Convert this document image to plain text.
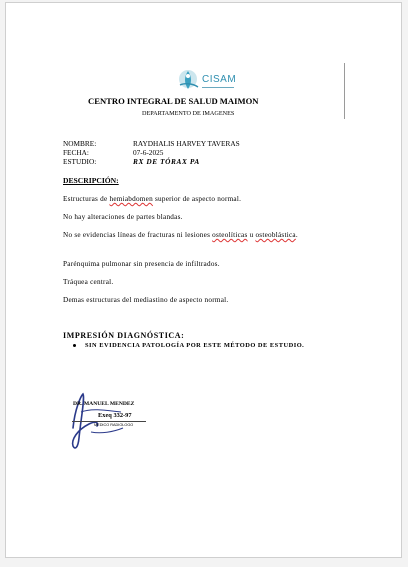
CISAM
CENTRO INTEGRAL DE SALUD MAIMON
DEPARTAMENTO DE IMAGENES
NOMBRE:	RAYDHALIS HARVEY TAVERAS
FECHA:	07-6-2025
ESTUDIO:	RX DE TÓRAX PA
DESCRIPCIÓN:
Estructuras de hemiabdomen superior de aspecto normal.
No hay alteraciones de partes blandas.
No se evidencias líneas de fracturas ni lesiones osteolíticas u osteoblástica.
Parénquima pulmonar sin presencia de infiltrados.
Tráquea central.
Demas estructuras del mediastino de aspecto normal.
IMPRESIÓN DIAGNÓSTICA:
SIN EVIDENCIA PATOLOGÍA POR ESTE MÉTODO DE ESTUDIO.
DR. MANUEL MENDEZ
Exeq 332-97
MEDICO RADIOLOGO
